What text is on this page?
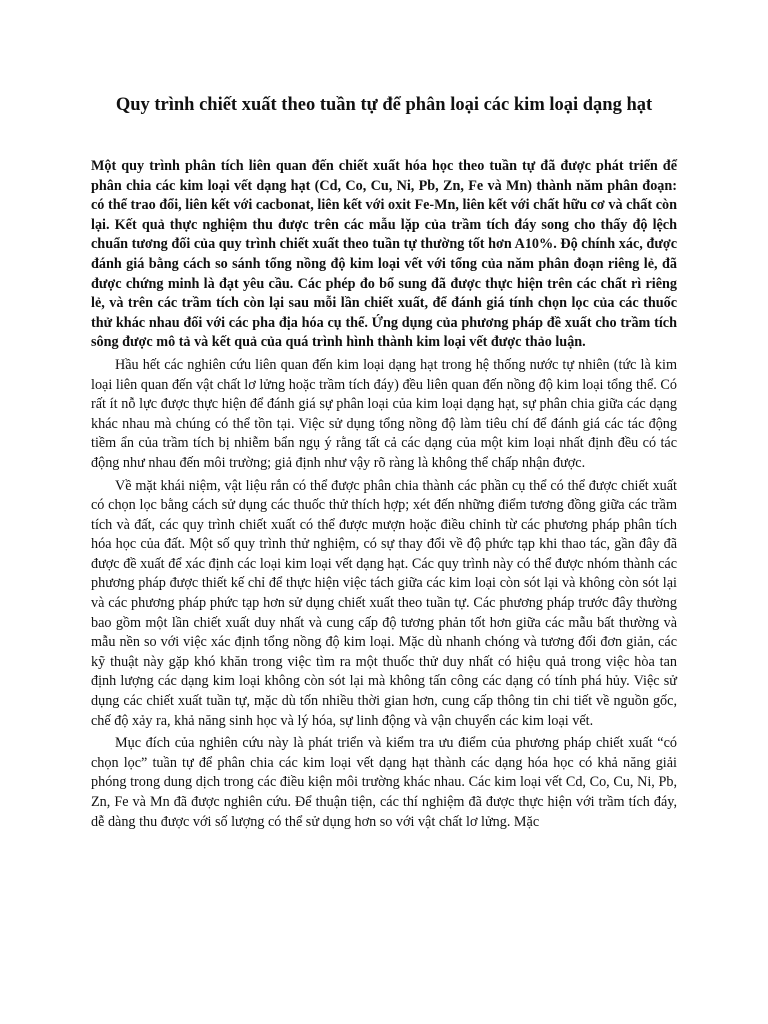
Quy trình chiết xuất theo tuần tự để phân loại các kim loại dạng hạt

Một quy trình phân tích liên quan đến chiết xuất hóa học theo tuần tự đã được phát triển để phân chia các kim loại vết dạng hạt (Cd, Co, Cu, Ni, Pb, Zn, Fe và Mn) thành năm phân đoạn: có thể trao đổi, liên kết với cacbonat, liên kết với oxit Fe-Mn, liên kết với chất hữu cơ và chất còn lại. Kết quả thực nghiệm thu được trên các mẫu lặp của trầm tích đáy song cho thấy độ lệch chuẩn tương đối của quy trình chiết xuất theo tuần tự thường tốt hơn A10%. Độ chính xác, được đánh giá bằng cách so sánh tổng nồng độ kim loại vết với tổng của năm phân đoạn riêng lẻ, đã được chứng minh là đạt yêu cầu. Các phép đo bổ sung đã được thực hiện trên các chất rì riêng lẻ, và trên các trầm tích còn lại sau mỗi lần chiết xuất, để đánh giá tính chọn lọc của các thuốc thử khác nhau đối với các pha địa hóa cụ thể. Ứng dụng của phương pháp đề xuất cho trầm tích sông được mô tả và kết quả của quá trình hình thành kim loại vết được thảo luận.

Hầu hết các nghiên cứu liên quan đến kim loại dạng hạt trong hệ thống nước tự nhiên (tức là kim loại liên quan đến vật chất lơ lửng hoặc trầm tích đáy) đều liên quan đến nồng độ kim loại tổng thể. Có rất ít nỗ lực được thực hiện để đánh giá sự phân loại của kim loại dạng hạt, sự phân chia giữa các dạng khác nhau mà chúng có thể tồn tại. Việc sử dụng tổng nồng độ làm tiêu chí để đánh giá các tác động tiềm ẩn của trầm tích bị nhiễm bẩn ngụ ý rằng tất cả các dạng của một kim loại nhất định đều có tác động như nhau đến môi trường; giả định như vậy rõ ràng là không thể chấp nhận được.

Về mặt khái niệm, vật liệu rắn có thể được phân chia thành các phần cụ thể có thể được chiết xuất có chọn lọc bằng cách sử dụng các thuốc thử thích hợp; xét đến những điểm tương đồng giữa các trầm tích và đất, các quy trình chiết xuất có thể được mượn hoặc điều chỉnh từ các phương pháp phân tích hóa học của đất. Một số quy trình thử nghiệm, có sự thay đổi về độ phức tạp khi thao tác, gần đây đã được đề xuất để xác định các loại kim loại vết dạng hạt. Các quy trình này có thể được nhóm thành các phương pháp được thiết kế chỉ để thực hiện việc tách giữa các kim loại còn sót lại và không còn sót lại và các phương pháp phức tạp hơn sử dụng chiết xuất theo tuần tự. Các phương pháp trước đây thường bao gồm một lần chiết xuất duy nhất và cung cấp độ tương phản tốt hơn giữa các mẫu bất thường và mẫu nền so với việc xác định tổng nồng độ kim loại. Mặc dù nhanh chóng và tương đối đơn giản, các kỹ thuật này gặp khó khăn trong việc tìm ra một thuốc thử duy nhất có hiệu quả trong việc hòa tan định lượng các dạng kim loại không còn sót lại mà không tấn công các dạng có tính phá hủy. Việc sử dụng các chiết xuất tuần tự, mặc dù tốn nhiều thời gian hơn, cung cấp thông tin chi tiết về nguồn gốc, chế độ xảy ra, khả năng sinh học và lý hóa, sự linh động và vận chuyển các kim loại vết.

Mục đích của nghiên cứu này là phát triển và kiểm tra ưu điểm của phương pháp chiết xuất “có chọn lọc” tuần tự để phân chia các kim loại vết dạng hạt thành các dạng hóa học có khả năng giải phóng trong dung dịch trong các điều kiện môi trường khác nhau. Các kim loại vết Cd, Co, Cu, Ni, Pb, Zn, Fe và Mn đã được nghiên cứu. Để thuận tiện, các thí nghiệm đã được thực hiện với trầm tích đáy, dễ dàng thu được với số lượng có thể sử dụng hơn so với vật chất lơ lửng. Mặc
